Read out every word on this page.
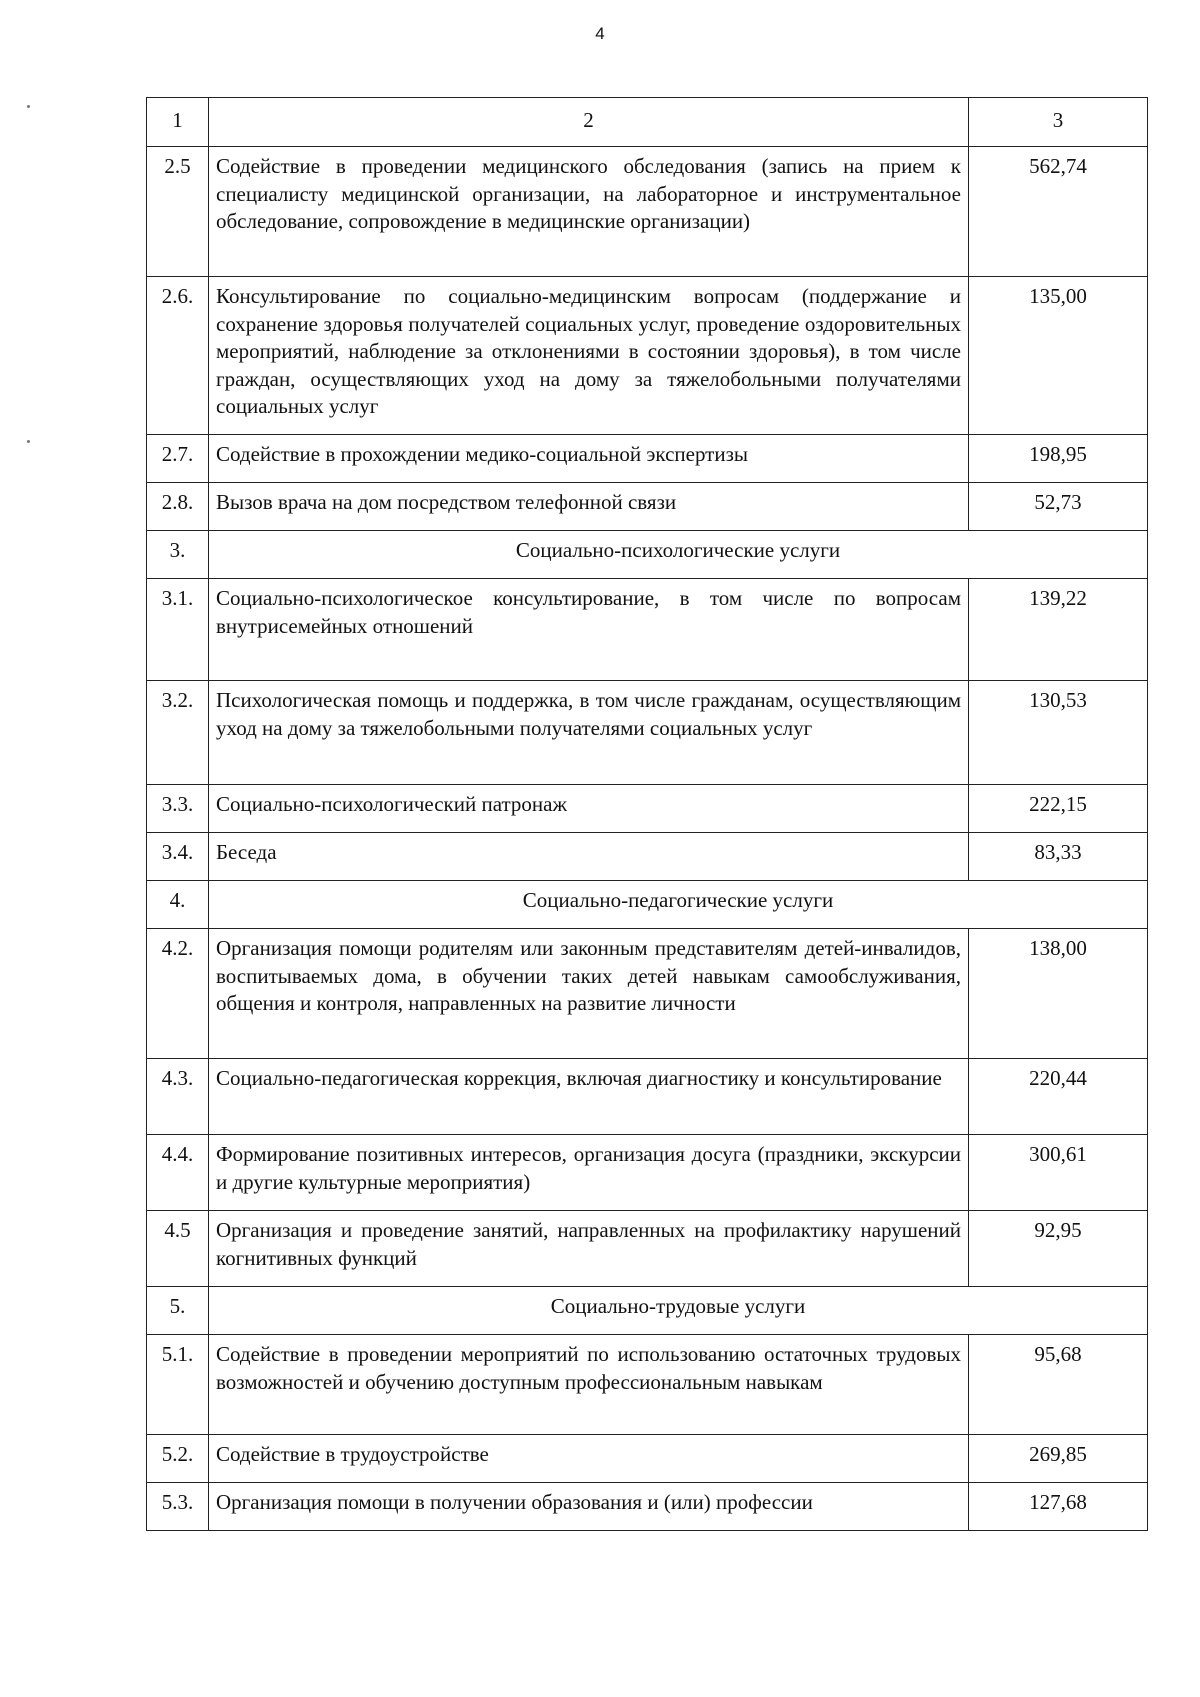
4
1	2	3
2.5	Содействие в проведении медицинского обследования (запись на прием к специалисту медицинской организации, на лабораторное и инструментальное обследование, сопровождение в медицинские организации)	562,74
2.6.	Консультирование по социально-медицинским вопросам (поддержание и сохранение здоровья получателей социальных услуг, проведение оздоровительных мероприятий, наблюдение за отклонениями в состоянии здоровья), в том числе граждан, осуществляющих уход на дому за тяжелобольными получателями социальных услуг	135,00
2.7.	Содействие в прохождении медико-социальной экспертизы	198,95
2.8.	Вызов врача на дом посредством телефонной связи	52,73
3.	Социально-психологические услуги	
3.1.	Социально-психологическое консультирование, в том числе по вопросам внутрисемейных отношений	139,22
3.2.	Психологическая помощь и поддержка, в том числе гражданам, осуществляющим уход на дому за тяжелобольными получателями социальных услуг	130,53
3.3.	Социально-психологический патронаж	222,15
3.4.	Беседа	83,33
4.	Социально-педагогические услуги	
4.2.	Организация помощи родителям или законным представителям детей-инвалидов, воспитываемых дома, в обучении таких детей навыкам самообслуживания, общения и контроля, направленных на развитие личности	138,00
4.3.	Социально-педагогическая коррекция, включая диагностику и консультирование	220,44
4.4.	Формирование позитивных интересов, организация досуга (праздники, экскурсии и другие культурные мероприятия)	300,61
4.5	Организация и проведение занятий, направленных на профилактику нарушений когнитивных функций	92,95
5.	Социально-трудовые услуги	
5.1.	Содействие в проведении мероприятий по использованию остаточных трудовых возможностей и обучению доступным профессиональным навыкам	95,68
5.2.	Содействие в трудоустройстве	269,85
5.3.	Организация помощи в получении образования и (или) профессии	127,68
